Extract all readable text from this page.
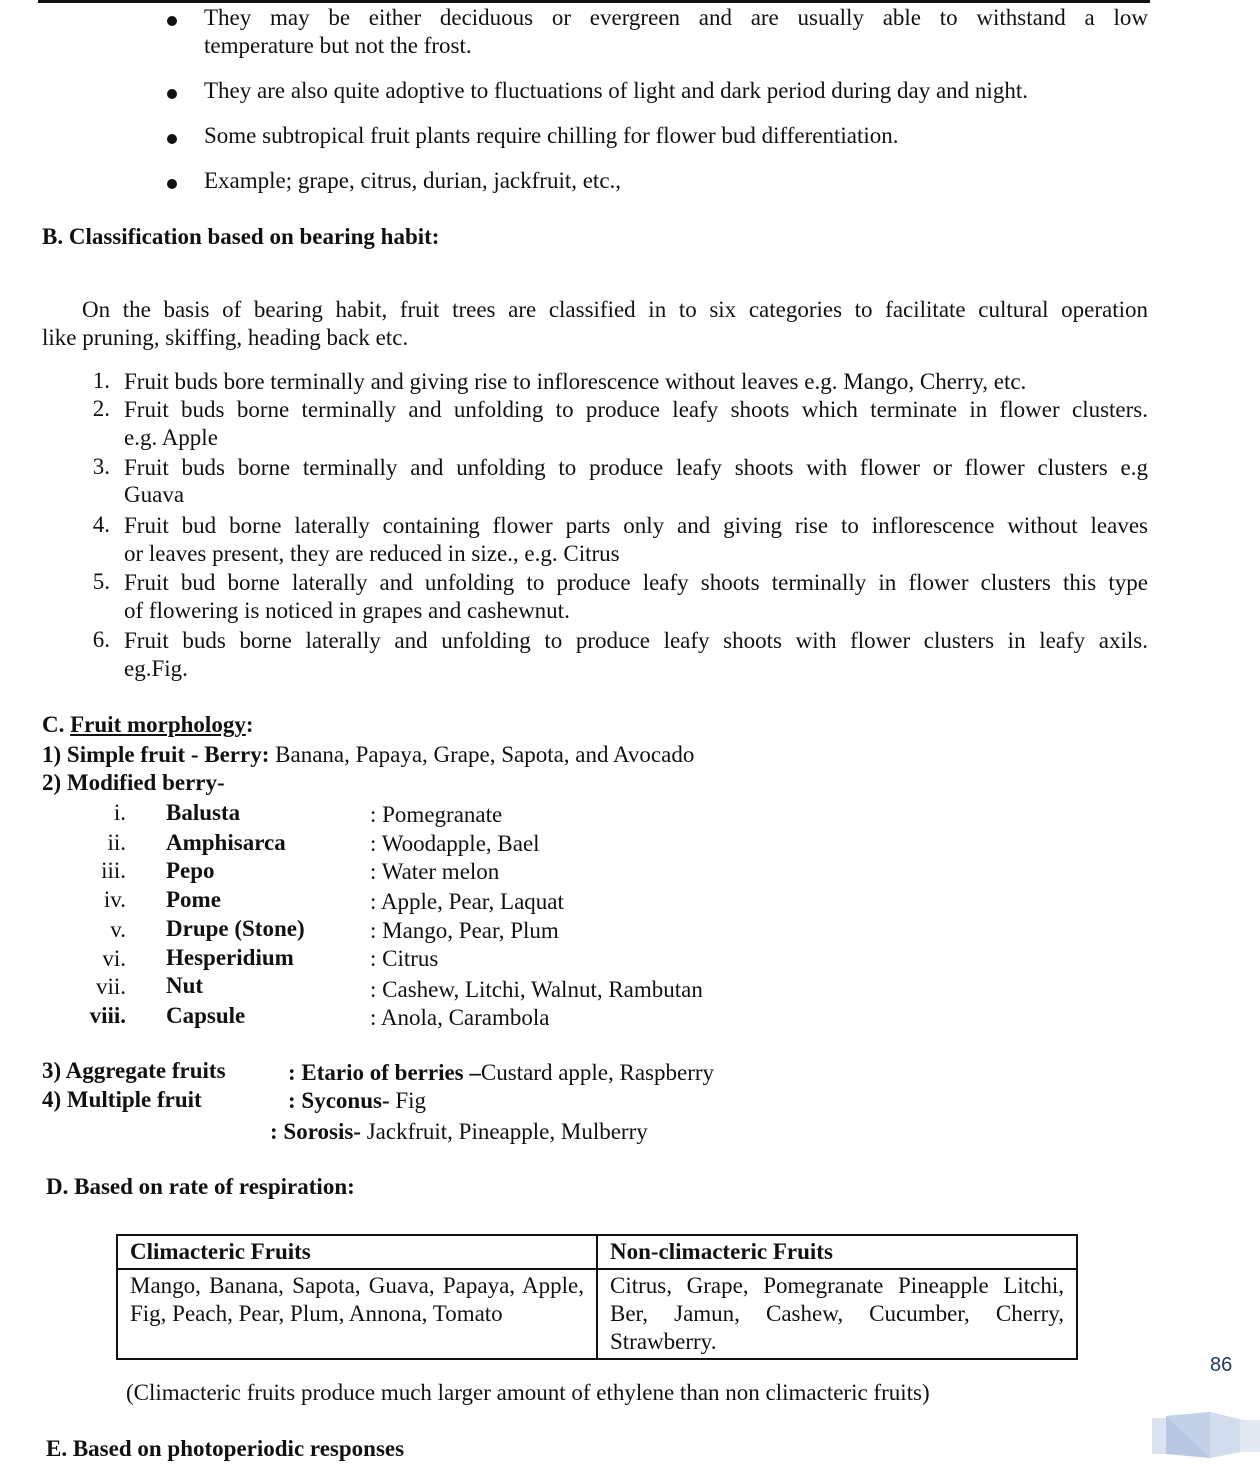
They may be either deciduous or evergreen and are usually able to withstand a low
temperature but not the frost.
They are also quite adoptive to fluctuations of light and dark period during day and night.
Some subtropical fruit plants require chilling for flower bud differentiation.
Example; grape, citrus, durian, jackfruit, etc.,
B. Classification based on bearing habit:
On the basis of bearing habit, fruit trees are classified in to six categories to facilitate cultural operation
like pruning, skiffing, heading back etc.
1. Fruit buds bore terminally and giving rise to inflorescence without leaves e.g. Mango, Cherry, etc.
2. Fruit buds borne terminally and unfolding to produce leafy shoots which terminate in flower clusters.
e.g. Apple
3. Fruit buds borne terminally and unfolding to produce leafy shoots with flower or flower clusters e.g
Guava
4. Fruit bud borne laterally containing flower parts only and giving rise to inflorescence without leaves
or leaves present, they are reduced in size., e.g. Citrus
5. Fruit bud borne laterally and unfolding to produce leafy shoots terminally in flower clusters this type
of flowering is noticed in grapes and cashewnut.
6. Fruit buds borne laterally and unfolding to produce leafy shoots with flower clusters in leafy axils.
eg.Fig.
C. Fruit morphology:
1) Simple fruit - Berry: Banana, Papaya, Grape, Sapota, and Avocado
2) Modified berry-
i. Balusta	: Pomegranate
ii. Amphisarca	: Woodapple, Bael
iii. Pepo	: Water melon
iv. Pome	: Apple, Pear, Laquat
v. Drupe (Stone)	: Mango, Pear, Plum
vi. Hesperidium	: Citrus
vii. Nut	: Cashew, Litchi, Walnut, Rambutan
viii. Capsule	: Anola, Carambola
3) Aggregate fruits	: Etario of berries –Custard apple, Raspberry
4) Multiple fruit	: Syconus- Fig
: Sorosis- Jackfruit, Pineapple, Mulberry
D. Based on rate of respiration:
Climacteric Fruits	Non-climacteric Fruits
Mango, Banana, Sapota, Guava, Papaya, Apple, Fig, Peach, Pear, Plum, Annona, Tomato	Citrus, Grape, Pomegranate Pineapple Litchi, Ber, Jamun, Cashew, Cucumber, Cherry, Strawberry.
(Climacteric fruits produce much larger amount of ethylene than non climacteric fruits)
E. Based on photoperiodic responses
86
